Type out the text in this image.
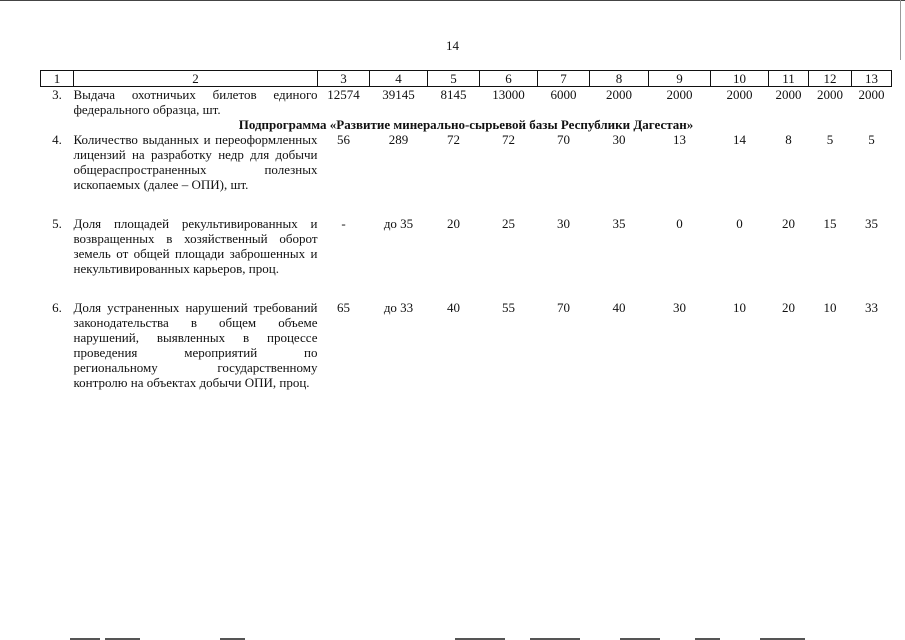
14
1	2	3	4	5	6	7	8	9	10	11	12	13
3.	Выдача охотничьих билетов единого федерального образца, шт.	12574	39145	8145	13000	6000	2000	2000	2000	2000	2000	2000
Подпрограмма «Развитие минерально-сырьевой базы Республики Дагестан»												
4.	Количество выданных и переоформленных лицензий на разработку недр для добычи общераспространенных полезных ископаемых (далее – ОПИ), шт.	56	289	72	72	70	30	13	14	8	5	5

5.	Доля площадей рекультивированных и возвращенных в хозяйственный оборот земель от общей площади заброшенных и некультивированных карьеров, проц.	-	до 35	20	25	30	35	0	0	20	15	35

6.	Доля устраненных нарушений требований законодательства в общем объеме нарушений, выявленных в процессе проведения мероприятий по региональному государственному контролю на объектах добычи ОПИ, проц.	65	до 33	40	55	70	40	30	10	20	10	33
